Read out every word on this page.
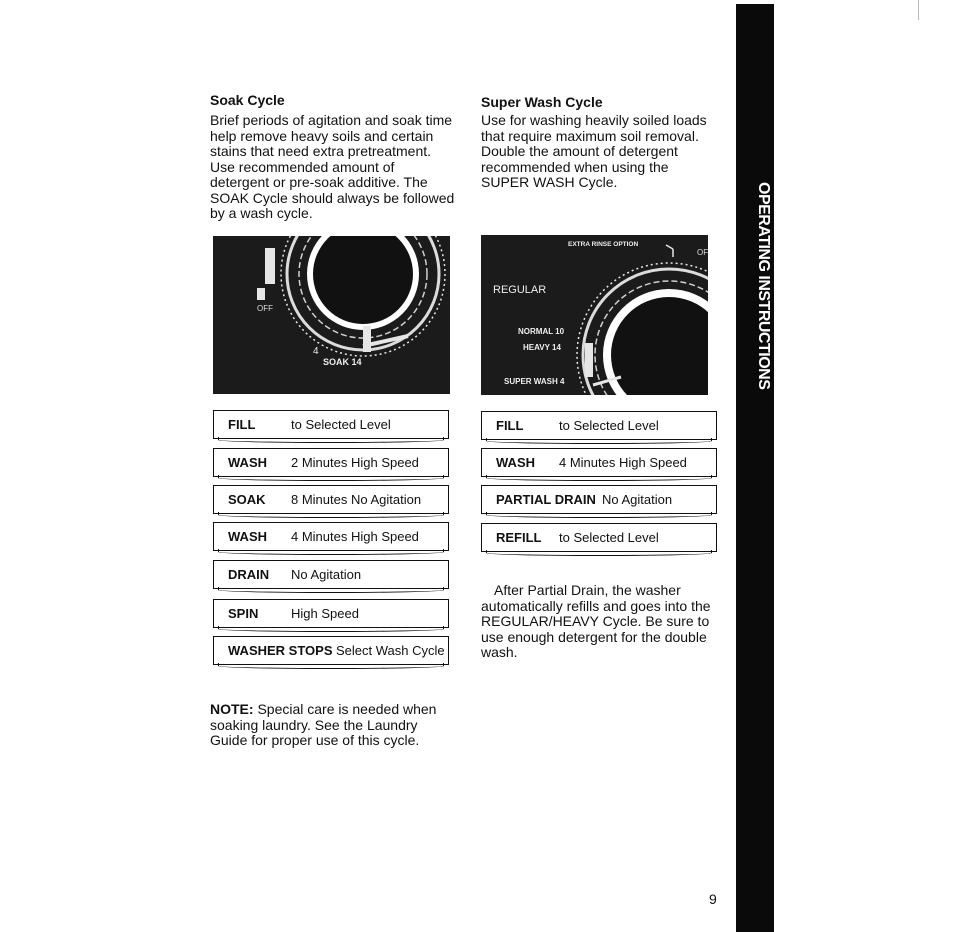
OPERATING INSTRUCTIONS
Soak Cycle
Brief periods of agitation and soak time
help remove heavy soils and certain
stains that need extra pretreatment.
Use recommended amount of
detergent or pre-soak additive. The
SOAK Cycle should always be followed
by a wash cycle.
OFF
4
SOAK 14
FILL	to Selected Level
WASH 2 Minutes High Speed
SOAK 8 Minutes No Agitation
WASH 4 Minutes High Speed
DRAIN No Agitation
SPIN	High Speed
WASHER STOPS Select Wash Cycle
NOTE: Special care is needed when
soaking laundry. See the Laundry
Guide for proper use of this cycle.
Super Wash Cycle
Use for washing heavily soiled loads
that require maximum soil removal.
Double the amount of detergent
recommended when using the
SUPER WASH Cycle.
EXTRA RINSE OPTION
OF
REGULAR
NORMAL 10
HEAVY 14
SUPER WASH 4
FILL	to Selected Level
WASH 4 Minutes High Speed
PARTIAL DRAIN No Agitation
REFILL to Selected Level
After Partial Drain, the washer
automatically refills and goes into the
REGULAR/HEAVY Cycle. Be sure to
use enough detergent for the double
wash.
9
